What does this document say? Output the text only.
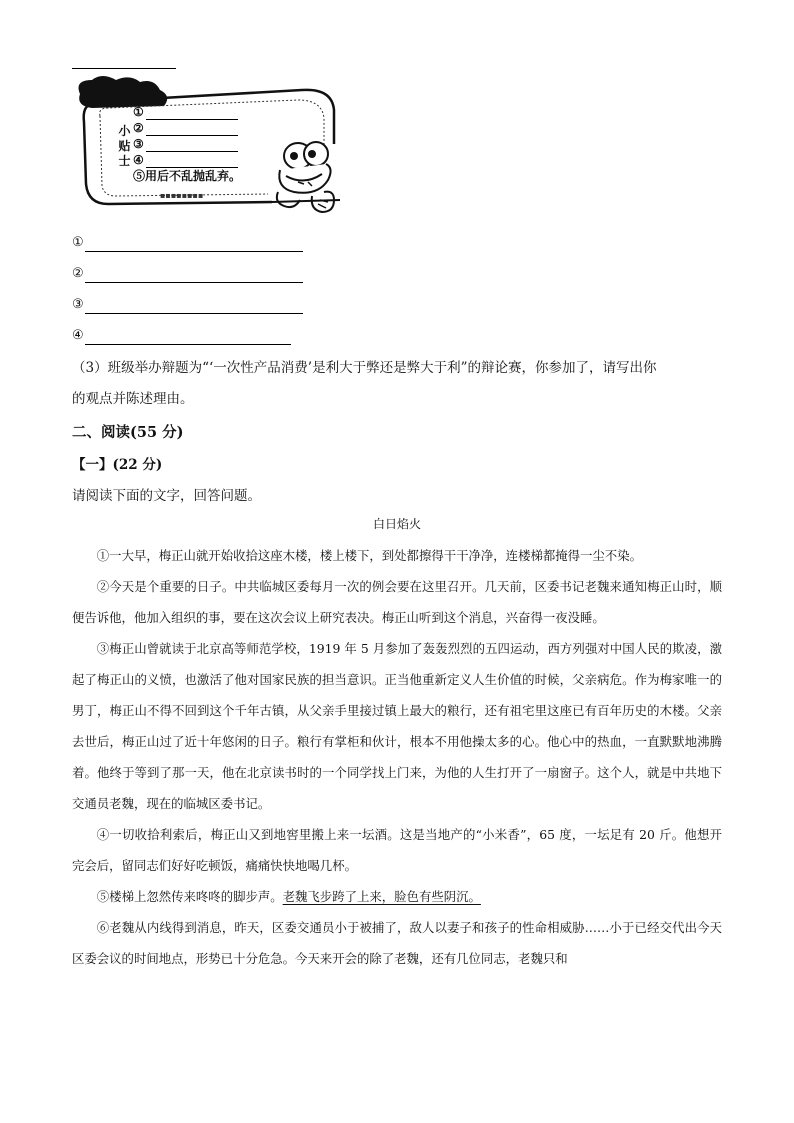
▪▪▪▪▪▪▪▪
小贴士
①
②
③
④
⑤用后不乱抛乱弃。
①
②
③
④
（3）班级举办辩题为“‘一次性产品消费’是利大于弊还是弊大于利”的辩论赛，你参加了，请写出你
的观点并陈述理由。
二、阅读(55 分)
【一】(22 分)
请阅读下面的文字，回答问题。
白日焰火

①一大早，梅正山就开始收拾这座木楼，楼上楼下，到处都擦得干干净净，连楼梯都掩得一尘不染。

②今天是个重要的日子。中共临城区委每月一次的例会要在这里召开。几天前，区委书记老魏来通知梅正山时，顺便告诉他，他加入组织的事，要在这次会议上研究表决。梅正山听到这个消息，兴奋得一夜没睡。

③梅正山曾就读于北京高等师范学校，1919 年 5 月参加了轰轰烈烈的五四运动，西方列强对中国人民的欺凌，激起了梅正山的义愤，也激活了他对国家民族的担当意识。正当他重新定义人生价值的时候，父亲病危。作为梅家唯一的男丁，梅正山不得不回到这个千年古镇，从父亲手里接过镇上最大的粮行，还有祖宅里这座已有百年历史的木楼。父亲去世后，梅正山过了近十年悠闲的日子。粮行有掌柜和伙计，根本不用他操太多的心。他心中的热血，一直默默地沸腾着。他终于等到了那一天，他在北京读书时的一个同学找上门来，为他的人生打开了一扇窗子。这个人，就是中共地下交通员老魏，现在的临城区委书记。

④一切收拾利索后，梅正山又到地窖里搬上来一坛酒。这是当地产的“小米香”，65 度，一坛足有 20 斤。他想开完会后，留同志们好好吃顿饭，痛痛快快地喝几杯。

⑤楼梯上忽然传来咚咚的脚步声。老魏飞步跨了上来，脸色有些阴沉。

⑥老魏从内线得到消息，昨天，区委交通员小于被捕了，敌人以妻子和孩子的性命相威胁……小于已经交代出今天区委会议的时间地点，形势已十分危急。今天来开会的除了老魏，还有几位同志，老魏只和
